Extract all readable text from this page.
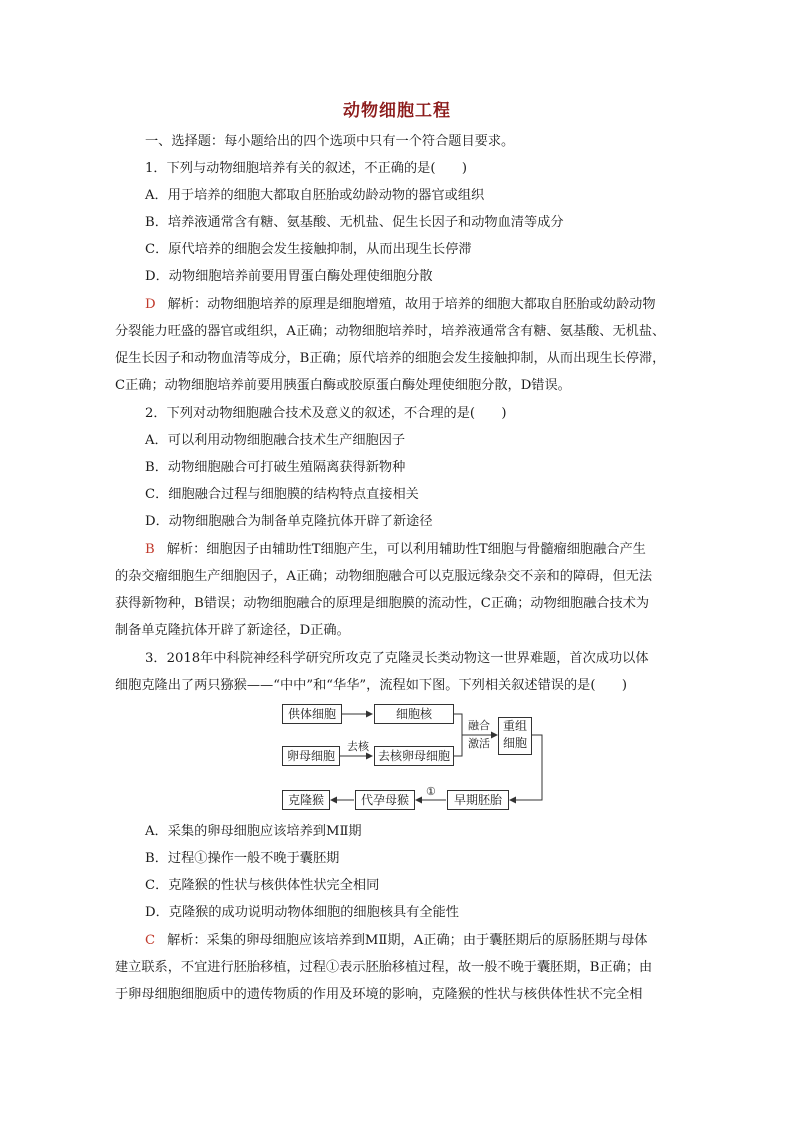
动物细胞工程
一、选择题：每小题给出的四个选项中只有一个符合题目要求。
1．下列与动物细胞培养有关的叙述，不正确的是(　　)
A．用于培养的细胞大都取自胚胎或幼龄动物的器官或组织
B．培养液通常含有糖、氨基酸、无机盐、促生长因子和动物血清等成分
C．原代培养的细胞会发生接触抑制，从而出现生长停滞
D．动物细胞培养前要用胃蛋白酶处理使细胞分散
D 解析：动物细胞培养的原理是细胞增殖，故用于培养的细胞大都取自胚胎或幼龄动物
分裂能力旺盛的器官或组织，A正确；动物细胞培养时，培养液通常含有糖、氨基酸、无机盐、
促生长因子和动物血清等成分，B正确；原代培养的细胞会发生接触抑制，从而出现生长停滞，
C正确；动物细胞培养前要用胰蛋白酶或胶原蛋白酶处理使细胞分散，D错误。
2．下列对动物细胞融合技术及意义的叙述，不合理的是(　　)
A．可以利用动物细胞融合技术生产细胞因子
B．动物细胞融合可打破生殖隔离获得新物种
C．细胞融合过程与细胞膜的结构特点直接相关
D．动物细胞融合为制备单克隆抗体开辟了新途径
B 解析：细胞因子由辅助性T细胞产生，可以利用辅助性T细胞与骨髓瘤细胞融合产生
的杂交瘤细胞生产细胞因子，A正确；动物细胞融合可以克服远缘杂交不亲和的障碍，但无法
获得新物种，B错误；动物细胞融合的原理是细胞膜的流动性，C正确；动物细胞融合技术为
制备单克隆抗体开辟了新途径，D正确。
3．2018年中科院神经科学研究所攻克了克隆灵长类动物这一世界难题，首次成功以体
细胞克隆出了两只猕猴——“中中”和“华华”，流程如下图。下列相关叙述错误的是(　　)
供体细胞	细胞核
卵母细胞
去核
去核卵母细胞
融合
激活
重组
细胞
早期胚胎
①
代孕母猴
克隆猴
A．采集的卵母细胞应该培养到MⅡ期
B．过程①操作一般不晚于囊胚期
C．克隆猴的性状与核供体性状完全相同
D．克隆猴的成功说明动物体细胞的细胞核具有全能性
C 解析：采集的卵母细胞应该培养到MⅡ期，A正确；由于囊胚期后的原肠胚期与母体
建立联系，不宜进行胚胎移植，过程①表示胚胎移植过程，故一般不晚于囊胚期，B正确；由
于卵母细胞细胞质中的遗传物质的作用及环境的影响，克隆猴的性状与核供体性状不完全相
